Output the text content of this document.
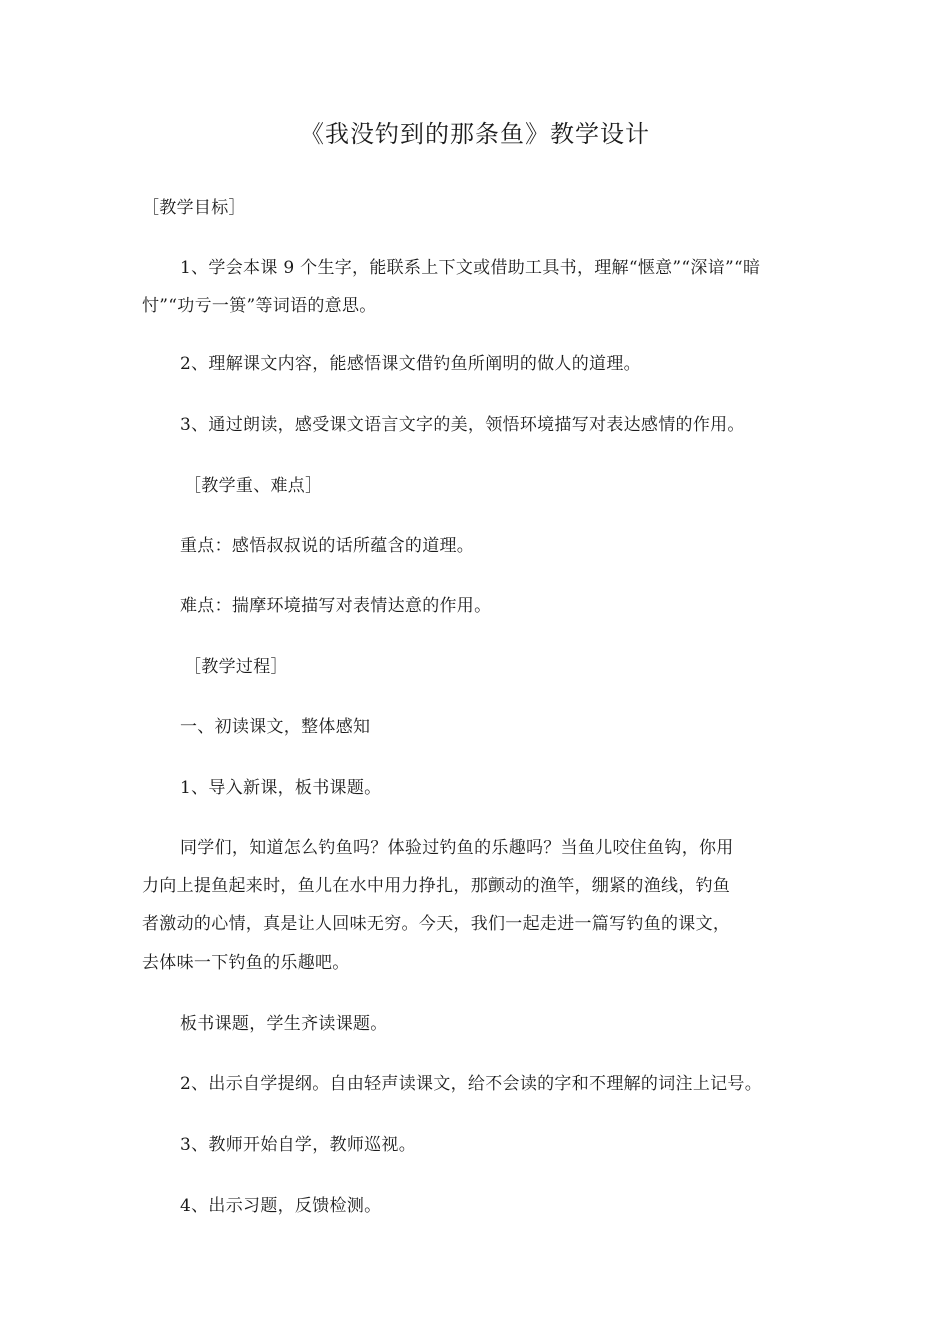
《我没钓到的那条鱼》教学设计

［教学目标］

1、学会本课 9 个生字，能联系上下文或借助工具书，理解“惬意”“深谙”“暗

忖”“功亏一篑”等词语的意思。

2、理解课文内容，能感悟课文借钓鱼所阐明的做人的道理。

3、通过朗读，感受课文语言文字的美，领悟环境描写对表达感情的作用。

［教学重、难点］

重点：感悟叔叔说的话所蕴含的道理。

难点：揣摩环境描写对表情达意的作用。

［教学过程］

一、初读课文，整体感知

1、导入新课，板书课题。

同学们，知道怎么钓鱼吗？体验过钓鱼的乐趣吗？当鱼儿咬住鱼钩，你用

力向上提鱼起来时，鱼儿在水中用力挣扎，那颤动的渔竿，绷紧的渔线，钓鱼

者激动的心情，真是让人回味无穷。今天，我们一起走进一篇写钓鱼的课文，

去体味一下钓鱼的乐趣吧。

板书课题，学生齐读课题。

2、出示自学提纲。自由轻声读课文，给不会读的字和不理解的词注上记号。

3、教师开始自学，教师巡视。

4、出示习题，反馈检测。
